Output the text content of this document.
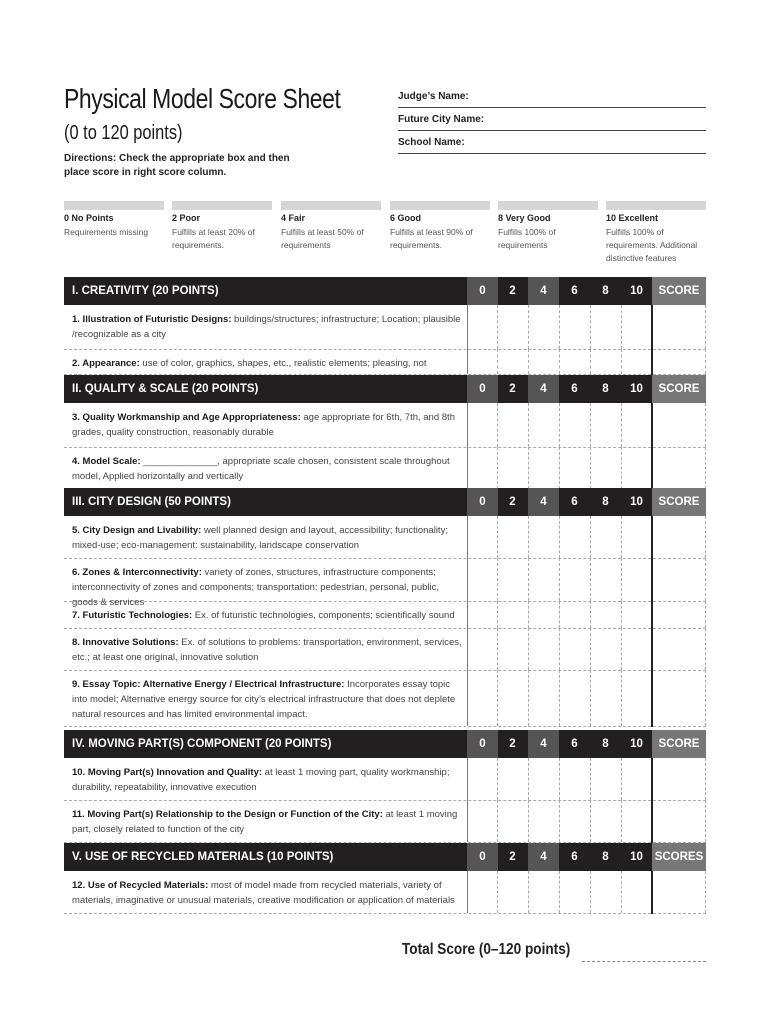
Physical Model Score Sheet
(0 to 120 points)
Directions: Check the appropriate box and then place score in right score column.
Judge’s Name:
Future City Name:
School Name:
0 No Points
Requirements missing
2 Poor
Fulfills at least 20% of requirements.
4 Fair
Fulfills at least 50% of requirements
6 Good
Fulfills at least 90% of requirements.
8 Very Good
Fulfills 100% of requirements
10 Excellent
Fulfills 100% of requirements. Additional distinctive features
I. CREATIVITY (20 POINTS)	0	2	4	6	8	10	SCORE
1. Illustration of Futuristic Designs: buildings/structures; infrastructure; Location; plausible /recognizable as a city
2. Appearance: use of color, graphics, shapes, etc., realistic elements; pleasing, not
II. QUALITY & SCALE (20 POINTS)	0	2	4	6	8	10	SCORE
3. Quality Workmanship and Age Appropriateness: age appropriate for 6th, 7th, and 8th grades, quality construction, reasonably durable
4. Model Scale: ______________, appropriate scale chosen, consistent scale throughout model, Applied horizontally and vertically
III. CITY DESIGN (50 POINTS)	0	2	4	6	8	10	SCORE
5. City Design and Livability: well planned design and layout, accessibility; functionality; mixed-use; eco-management: sustainability, landscape conservation
6. Zones & Interconnectivity: variety of zones, structures, infrastructure components; interconnectivity of zones and components; transportation: pedestrian, personal, public, goods & services
7. Futuristic Technologies: Ex. of futuristic technologies, components; scientifically sound
8. Innovative Solutions: Ex. of solutions to problems: transportation, environment, services, etc.; at least one original, innovative solution
9. Essay Topic: Alternative Energy / Electrical Infrastructure: Incorporates essay topic into model; Alternative energy source for city’s electrical infrastructure that does not deplete natural resources and has limited environmental impact.
IV. MOVING PART(S) COMPONENT (20 POINTS)	0	2	4	6	8	10	SCORE
10. Moving Part(s) Innovation and Quality: at least 1 moving part, quality workmanship; durability, repeatability, innovative execution
11. Moving Part(s) Relationship to the Design or Function of the City: at least 1 moving part, closely related to function of the city
V. USE OF RECYCLED MATERIALS (10 POINTS)	0	2	4	6	8	10	SCORES
12. Use of Recycled Materials: most of model made from recycled materials, variety of materials, imaginative or unusual materials, creative modification or application of materials
Total Score (0–120 points)
